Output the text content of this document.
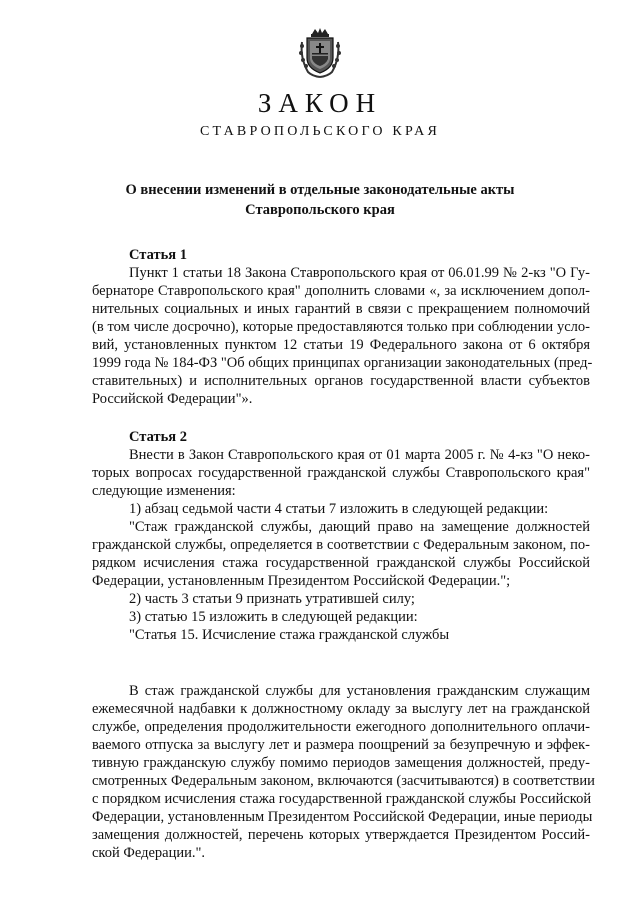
ЗАКОН
СТАВРОПОЛЬСКОГО КРАЯ
О внесении изменений в отдельные законодательные акты
Ставропольского края
Статья 1
Пункт 1 статьи 18 Закона Ставропольского края от 06.01.99 № 2-кз "О Гу-
бернаторе Ставропольского края" дополнить словами «, за исключением допол-
нительных социальных и иных гарантий в связи с прекращением полномочий
(в том числе досрочно), которые предоставляются только при соблюдении усло-
вий, установленных пунктом 12 статьи 19 Федерального закона от 6 октября
1999 года № 184-ФЗ "Об общих принципах организации законодательных (пред-
ставительных) и исполнительных органов государственной власти субъектов
Российской Федерации"».
Статья 2
Внести в Закон Ставропольского края от 01 марта 2005 г. № 4-кз "О неко-
торых вопросах государственной гражданской службы Ставропольского края"
следующие изменения:
1) абзац седьмой части 4 статьи 7 изложить в следующей редакции:
"Стаж гражданской службы, дающий право на замещение должностей
гражданской службы, определяется в соответствии с Федеральным законом, по-
рядком исчисления стажа государственной гражданской службы Российской
Федерации, установленным Президентом Российской Федерации.";
2) часть 3 статьи 9 признать утратившей силу;
3) статью 15 изложить в следующей редакции:
"Статья 15. Исчисление стажа гражданской службы
В стаж гражданской службы для установления гражданским служащим
ежемесячной надбавки к должностному окладу за выслугу лет на гражданской
службе, определения продолжительности ежегодного дополнительного оплачи-
ваемого отпуска за выслугу лет и размера поощрений за безупречную и эффек-
тивную гражданскую службу помимо периодов замещения должностей, преду-
смотренных Федеральным законом, включаются (засчитываются) в соответствии
с порядком исчисления стажа государственной гражданской службы Российской
Федерации, установленным Президентом Российской Федерации, иные периоды
замещения должностей, перечень которых утверждается Президентом Россий-
ской Федерации.".
